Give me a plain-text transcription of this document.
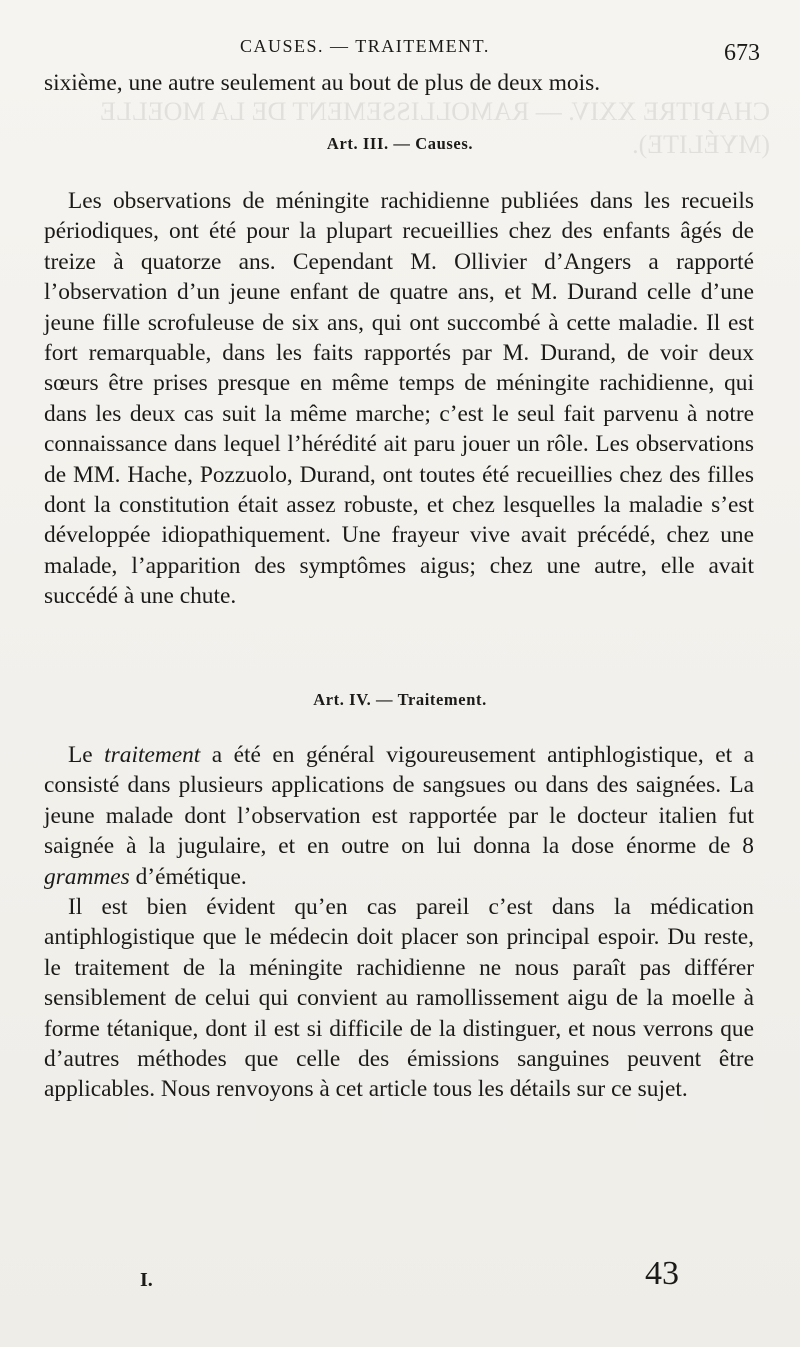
CHAPITRE XXIV. — RAMOLLISSEMENT DE LA MOELLE (MYÉLITE).
CAUSES. — TRAITEMENT.	673

sixième, une autre seulement au bout de plus de deux mois.

Art. III. — Causes.

Les observations de méningite rachidienne publiées dans les recueils périodiques, ont été pour la plupart recueillies chez des enfants âgés de treize à quatorze ans. Cependant M. Ollivier d’Angers a rapporté l’observation d’un jeune enfant de quatre ans, et M. Durand celle d’une jeune fille scrofuleuse de six ans, qui ont succombé à cette maladie. Il est fort remarquable, dans les faits rapportés par M. Durand, de voir deux sœurs être prises presque en même temps de méningite rachidienne, qui dans les deux cas suit la même marche; c’est le seul fait parvenu à notre connaissance dans lequel l’hérédité ait paru jouer un rôle. Les observations de MM. Hache, Pozzuolo, Durand, ont toutes été recueillies chez des filles dont la constitution était assez robuste, et chez lesquelles la maladie s’est développée idiopathiquement. Une frayeur vive avait précédé, chez une malade, l’apparition des symptômes aigus; chez une autre, elle avait succédé à une chute.

Art. IV. — Traitement.

Le traitement a été en général vigoureusement antiphlogistique, et a consisté dans plusieurs applications de sangsues ou dans des saignées. La jeune malade dont l’observation est rapportée par le docteur italien fut saignée à la jugulaire, et en outre on lui donna la dose énorme de 8 grammes d’émétique.

Il est bien évident qu’en cas pareil c’est dans la médication antiphlogistique que le médecin doit placer son principal espoir. Du reste, le traitement de la méningite rachidienne ne nous paraît pas différer sensiblement de celui qui convient au ramollissement aigu de la moelle à forme tétanique, dont il est si difficile de la distinguer, et nous verrons que d’autres méthodes que celle des émissions sanguines peuvent être applicables. Nous renvoyons à cet article tous les détails sur ce sujet.

I.	43
